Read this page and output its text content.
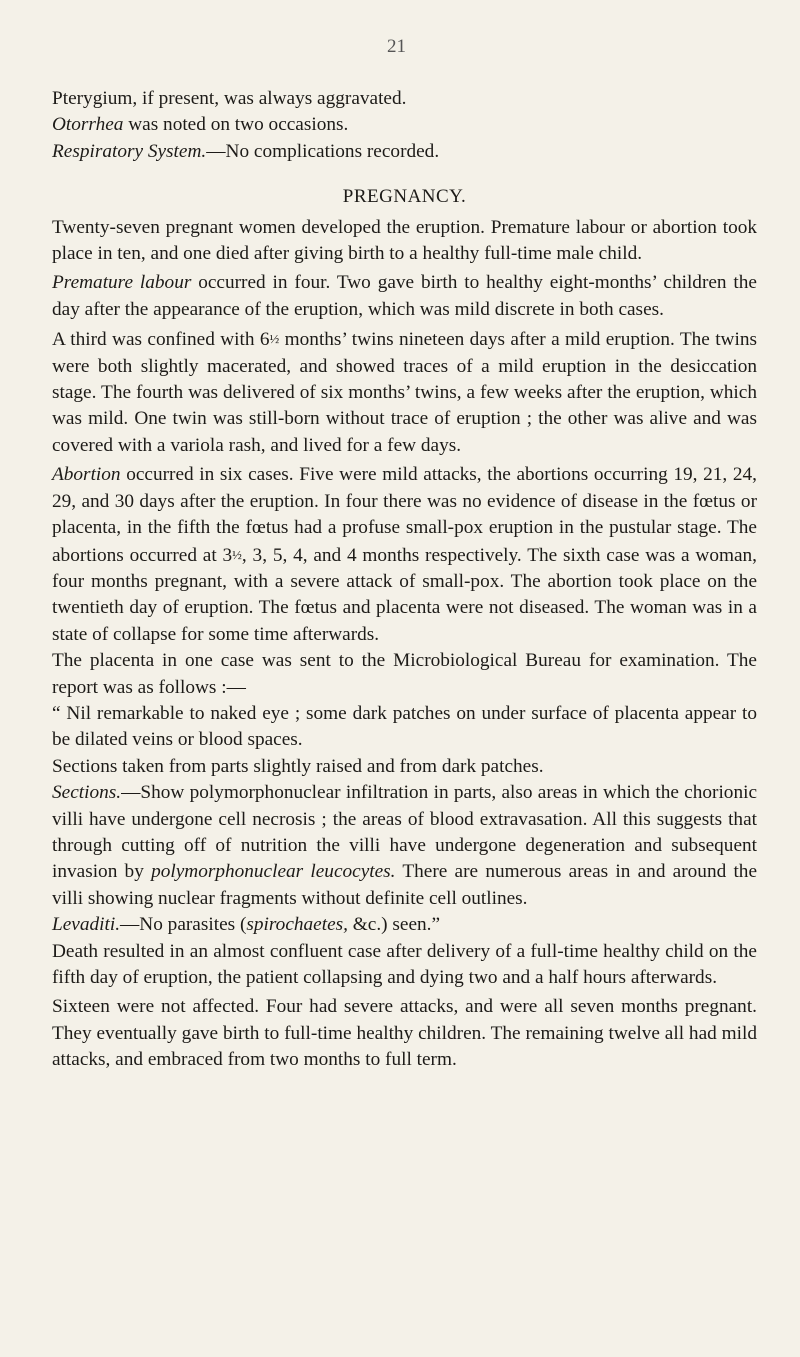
21

Pterygium, if present, was always aggravated.

Otorrhea was noted on two occasions.

Respiratory System.—No complications recorded.

PREGNANCY.

Twenty-seven pregnant women developed the eruption. Premature labour or abortion took place in ten, and one died after giving birth to a healthy full-time male child.

Premature labour occurred in four. Two gave birth to healthy eight-months’ children the day after the appearance of the eruption, which was mild discrete in both cases.

A third was confined with 6½ months’ twins nineteen days after a mild eruption. The twins were both slightly macerated, and showed traces of a mild eruption in the desiccation stage. The fourth was delivered of six months’ twins, a few weeks after the eruption, which was mild. One twin was still-born without trace of eruption ; the other was alive and was covered with a variola rash, and lived for a few days.

Abortion occurred in six cases. Five were mild attacks, the abortions occurring 19, 21, 24, 29, and 30 days after the eruption. In four there was no evidence of disease in the fœtus or placenta, in the fifth the fœtus had a profuse small-pox eruption in the pustular stage. The abortions occurred at 3½, 3, 5, 4, and 4 months respectively. The sixth case was a woman, four months pregnant, with a severe attack of small-pox. The abortion took place on the twentieth day of eruption. The fœtus and placenta were not diseased. The woman was in a state of collapse for some time afterwards.

The placenta in one case was sent to the Microbiological Bureau for examination. The report was as follows :—

“ Nil remarkable to naked eye ; some dark patches on under surface of placenta appear to be dilated veins or blood spaces.

Sections taken from parts slightly raised and from dark patches.

Sections.—Show polymorphonuclear infiltration in parts, also areas in which the chorionic villi have undergone cell necrosis ; the areas of blood extravasation. All this suggests that through cutting off of nutrition the villi have undergone degeneration and subsequent invasion by polymorphonuclear leucocytes. There are numerous areas in and around the villi showing nuclear fragments without definite cell outlines.

Levaditi.—No parasites (spirochaetes, &c.) seen.”

Death resulted in an almost confluent case after delivery of a full-time healthy child on the fifth day of eruption, the patient collapsing and dying two and a half hours afterwards.

Sixteen were not affected. Four had severe attacks, and were all seven months pregnant. They eventually gave birth to full-time healthy children. The remaining twelve all had mild attacks, and embraced from two months to full term.
